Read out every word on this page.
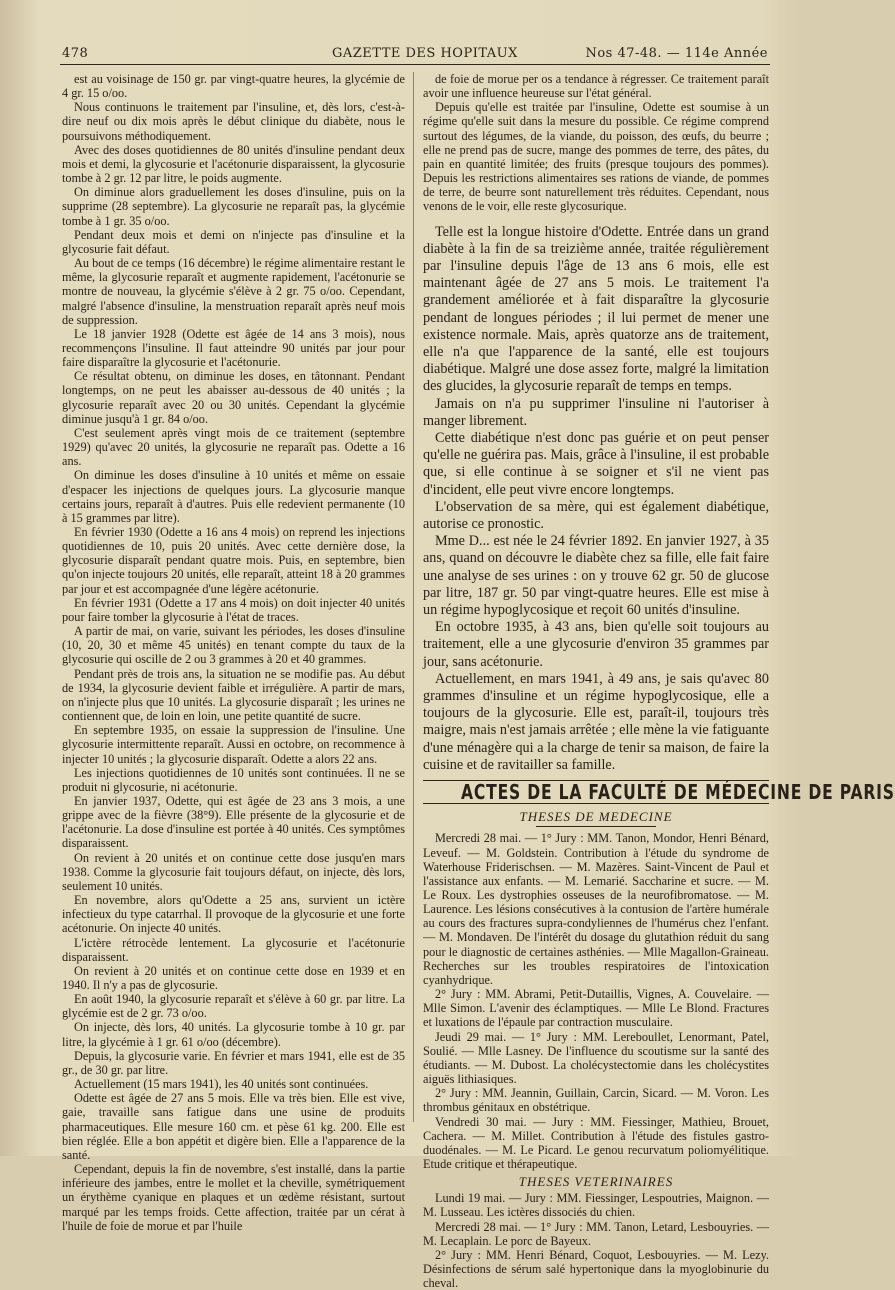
478	GAZETTE DES HOPITAUX	Nos 47-48. — 114e Année

est au voisinage de 150 gr. par vingt-quatre heures, la glycémie de 4 gr. 15 o/oo.

Nous continuons le traitement par l'insuline, et, dès lors, c'est-à-dire neuf ou dix mois après le début clinique du diabète, nous le poursuivons méthodiquement.

Avec des doses quotidiennes de 80 unités d'insuline pendant deux mois et demi, la glycosurie et l'acétonurie disparaissent, la glycosurie tombe à 2 gr. 12 par litre, le poids augmente.

On diminue alors graduellement les doses d'insuline, puis on la supprime (28 septembre). La glycosurie ne reparaît pas, la glycémie tombe à 1 gr. 35 o/oo.

Pendant deux mois et demi on n'injecte pas d'insuline et la glycosurie fait défaut.

Au bout de ce temps (16 décembre) le régime alimentaire restant le même, la glycosurie reparaît et augmente rapidement, l'acétonurie se montre de nouveau, la glycémie s'élève à 2 gr. 75 o/oo. Cependant, malgré l'absence d'insuline, la menstruation reparaît après neuf mois de suppression.

Le 18 janvier 1928 (Odette est âgée de 14 ans 3 mois), nous recommençons l'insuline. Il faut atteindre 90 unités par jour pour faire disparaître la glycosurie et l'acétonurie.

Ce résultat obtenu, on diminue les doses, en tâtonnant. Pendant longtemps, on ne peut les abaisser au-dessous de 40 unités ; la glycosurie reparaît avec 20 ou 30 unités. Cependant la glycémie diminue jusqu'à 1 gr. 84 o/oo.

C'est seulement après vingt mois de ce traitement (septembre 1929) qu'avec 20 unités, la glycosurie ne reparaît pas. Odette a 16 ans.

On diminue les doses d'insuline à 10 unités et même on essaie d'espacer les injections de quelques jours. La glycosurie manque certains jours, reparaît à d'autres. Puis elle redevient permanente (10 à 15 grammes par litre).

En février 1930 (Odette a 16 ans 4 mois) on reprend les injections quotidiennes de 10, puis 20 unités. Avec cette dernière dose, la glycosurie disparaît pendant quatre mois. Puis, en septembre, bien qu'on injecte toujours 20 unités, elle reparaît, atteint 18 à 20 grammes par jour et est accompagnée d'une légère acétonurie.

En février 1931 (Odette a 17 ans 4 mois) on doit injecter 40 unités pour faire tomber la glycosurie à l'état de traces.

A partir de mai, on varie, suivant les périodes, les doses d'insuline (10, 20, 30 et même 45 unités) en tenant compte du taux de la glycosurie qui oscille de 2 ou 3 grammes à 20 et 40 grammes.

Pendant près de trois ans, la situation ne se modifie pas. Au début de 1934, la glycosurie devient faible et irrégulière. A partir de mars, on n'injecte plus que 10 unités. La glycosurie disparaît ; les urines ne contiennent que, de loin en loin, une petite quantité de sucre.

En septembre 1935, on essaie la suppression de l'insuline. Une glycosurie intermittente reparaît. Aussi en octobre, on recommence à injecter 10 unités ; la glycosurie disparaît. Odette a alors 22 ans.

Les injections quotidiennes de 10 unités sont continuées. Il ne se produit ni glycosurie, ni acétonurie.

En janvier 1937, Odette, qui est âgée de 23 ans 3 mois, a une grippe avec de la fièvre (38°9). Elle présente de la glycosurie et de l'acétonurie. La dose d'insuline est portée à 40 unités. Ces symptômes disparaissent.

On revient à 20 unités et on continue cette dose jusqu'en mars 1938. Comme la glycosurie fait toujours défaut, on injecte, dès lors, seulement 10 unités.

En novembre, alors qu'Odette a 25 ans, survient un ictère infectieux du type catarrhal. Il provoque de la glycosurie et une forte acétonurie. On injecte 40 unités.

L'ictère rétrocède lentement. La glycosurie et l'acétonurie disparaissent.

On revient à 20 unités et on continue cette dose en 1939 et en 1940. Il n'y a pas de glycosurie.

En août 1940, la glycosurie reparaît et s'élève à 60 gr. par litre. La glycémie est de 2 gr. 73 o/oo.

On injecte, dès lors, 40 unités. La glycosurie tombe à 10 gr. par litre, la glycémie à 1 gr. 61 o/oo (décembre).

Depuis, la glycosurie varie. En février et mars 1941, elle est de 35 gr., de 30 gr. par litre.

Actuellement (15 mars 1941), les 40 unités sont continuées.

Odette est âgée de 27 ans 5 mois. Elle va très bien. Elle est vive, gaie, travaille sans fatigue dans une usine de produits pharmaceutiques. Elle mesure 160 cm. et pèse 61 kg. 200. Elle est bien réglée. Elle a bon appétit et digère bien. Elle a l'apparence de la santé.

Cependant, depuis la fin de novembre, s'est installé, dans la partie inférieure des jambes, entre le mollet et la cheville, symétriquement un érythème cyanique en plaques et un œdème résistant, surtout marqué par les temps froids. Cette affection, traitée par un cérat à l'huile de foie de morue et par l'huile

de foie de morue per os a tendance à régresser. Ce traitement paraît avoir une influence heureuse sur l'état général.

Depuis qu'elle est traitée par l'insuline, Odette est soumise à un régime qu'elle suit dans la mesure du possible. Ce régime comprend surtout des légumes, de la viande, du poisson, des œufs, du beurre ; elle ne prend pas de sucre, mange des pommes de terre, des pâtes, du pain en quantité limitée; des fruits (presque toujours des pommes). Depuis les restrictions alimentaires ses rations de viande, de pommes de terre, de beurre sont naturellement très réduites. Cependant, nous venons de le voir, elle reste glycosurique.

Telle est la longue histoire d'Odette. Entrée dans un grand diabète à la fin de sa treizième année, traitée régulièrement par l'insuline depuis l'âge de 13 ans 6 mois, elle est maintenant âgée de 27 ans 5 mois. Le traitement l'a grandement améliorée et à fait disparaître la glycosurie pendant de longues périodes ; il lui permet de mener une existence normale. Mais, après quatorze ans de traitement, elle n'a que l'apparence de la santé, elle est toujours diabétique. Malgré une dose assez forte, malgré la limitation des glucides, la glycosurie reparaît de temps en temps.

Jamais on n'a pu supprimer l'insuline ni l'autoriser à manger librement.

Cette diabétique n'est donc pas guérie et on peut penser qu'elle ne guérira pas. Mais, grâce à l'insuline, il est probable que, si elle continue à se soigner et s'il ne vient pas d'incident, elle peut vivre encore longtemps.

L'observation de sa mère, qui est également diabétique, autorise ce pronostic.

Mme D... est née le 24 février 1892. En janvier 1927, à 35 ans, quand on découvre le diabète chez sa fille, elle fait faire une analyse de ses urines : on y trouve 62 gr. 50 de glucose par litre, 187 gr. 50 par vingt-quatre heures. Elle est mise à un régime hypoglycosique et reçoit 60 unités d'insuline.

En octobre 1935, à 43 ans, bien qu'elle soit toujours au traitement, elle a une glycosurie d'environ 35 grammes par jour, sans acétonurie.

Actuellement, en mars 1941, à 49 ans, je sais qu'avec 80 grammes d'insuline et un régime hypoglycosique, elle a toujours de la glycosurie. Elle est, paraît-il, toujours très maigre, mais n'est jamais arrêtée ; elle mène la vie fatiguante d'une ménagère qui a la charge de tenir sa maison, de faire la cuisine et de ravitailler sa famille.

ACTES DE LA FACULTÉ DE MÉDECINE DE PARIS
THESES DE MEDECINE

Mercredi 28 mai. — 1° Jury : MM. Tanon, Mondor, Henri Bénard, Leveuf. — M. Goldstein. Contribution à l'étude du syndrome de Waterhouse Friderischsen. — M. Mazères. Saint-Vincent de Paul et l'assistance aux enfants. — M. Lemarié. Saccharine et sucre. — M. Le Roux. Les dystrophies osseuses de la neurofibromatose. — M. Laurence. Les lésions consécutives à la contusion de l'artère humérale au cours des fractures supra-condyliennes de l'humérus chez l'enfant. — M. Mondaven. De l'intérêt du dosage du glutathion réduit du sang pour le diagnostic de certaines asthénies. — Mlle Magallon-Graineau. Recherches sur les troubles respiratoires de l'intoxication cyanhydrique.

2° Jury : MM. Abrami, Petit-Dutaillis, Vignes, A. Couvelaire. — Mlle Simon. L'avenir des éclamptiques. — Mlle Le Blond. Fractures et luxations de l'épaule par contraction musculaire.

Jeudi 29 mai. — 1° Jury : MM. Lereboullet, Lenormant, Patel, Soulié. — Mlle Lasney. De l'influence du scoutisme sur la santé des étudiants. — M. Dubost. La cholécystectomie dans les cholécystites aiguës lithiasiques.

2° Jury : MM. Jeannin, Guillain, Carcin, Sicard. — M. Voron. Les thrombus génitaux en obstétrique.

Vendredi 30 mai. — Jury : MM. Fiessinger, Mathieu, Brouet, Cachera. — M. Millet. Contribution à l'étude des fistules gastro-duodénales. — M. Le Picard. Le genou recurvatum poliomyélitique. Etude critique et thérapeutique.

THESES VETERINAIRES

Lundi 19 mai. — Jury : MM. Fiessinger, Lespoutries, Maignon. — M. Lusseau. Les ictères dissociés du chien.

Mercredi 28 mai. — 1° Jury : MM. Tanon, Letard, Lesbouyries. — M. Lecaplain. Le porc de Bayeux.

2° Jury : MM. Henri Bénard, Coquot, Lesbouyries. — M. Lezy. Désinfections de sérum salé hypertonique dans la myoglobinurie du cheval.
